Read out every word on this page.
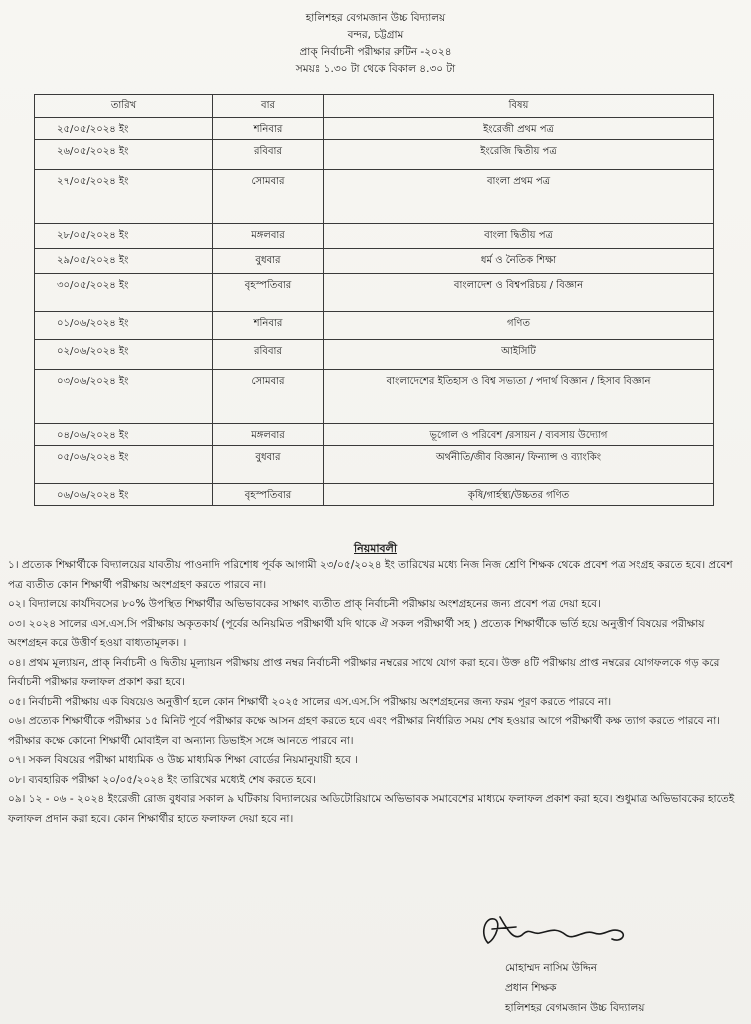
হালিশহর বেগমজান উচ্চ বিদ্যালয়
বন্দর, চট্টগ্রাম
প্রাক্‌ নির্বাচনী পরীক্ষার রুটিন -২০২৪
সময়ঃ ১.৩০ টা থেকে বিকাল ৪.৩০ টা
তারিখ	বার	বিষয়
২৫/০৫/২০২৪ ইং	শনিবার	ইংরেজী প্রথম পত্র
২৬/০৫/২০২৪ ইং	রবিবার	ইংরেজি দ্বিতীয় পত্র
২৭/০৫/২০২৪ ইং	সোমবার	বাংলা প্রথম পত্র
২৮/০৫/২০২৪ ইং	মঙ্গলবার	বাংলা দ্বিতীয় পত্র
২৯/০৫/২০২৪ ইং	বুধবার	ধর্ম ও নৈতিক শিক্ষা
৩০/০৫/২০২৪ ইং	বৃহস্পতিবার	বাংলাদেশ ও বিশ্বপরিচয় / বিজ্ঞান
০১/০৬/২০২৪ ইং	শনিবার	গণিত
০২/০৬/২০২৪ ইং	রবিবার	আইসিটি
০৩/০৬/২০২৪ ইং	সোমবার	বাংলাদেশের ইতিহাস ও বিশ্ব সভ্যতা / পদার্থ বিজ্ঞান / হিসাব বিজ্ঞান
০৪/০৬/২০২৪ ইং	মঙ্গলবার	ভূগোল ও পরিবেশ /রসায়ন / ব্যবসায় উদ্যোগ
০৫/০৬/২০২৪ ইং	বুধবার	অর্থনীতি/জীব বিজ্ঞান/ ফিন্যান্স ও ব্যাংকিং
০৬/০৬/২০২৪ ইং	বৃহস্পতিবার	কৃষি/গার্হস্থ্য/উচ্চতর গণিত
নিয়মাবলী

১। প্রত্যেক শিক্ষার্থীকে বিদ্যালয়ের যাবতীয় পাওনাদি পরিশোধ পূর্বক আগামী ২৩/০৫/২০২৪ ইং তারিখের মধ্যে নিজ নিজ শ্রেণি শিক্ষক থেকে প্রবেশ পত্র সংগ্রহ করতে হবে। প্রবেশ পত্র ব্যতীত কোন শিক্ষার্থী পরীক্ষায় অংশগ্রহণ করতে পারবে না।

০২। বিদ্যালয়ে কার্যদিবসের ৮০% উপস্থিত শিক্ষার্থীর অভিভাবকের সাক্ষাৎ ব্যতীত প্রাক্‌ নির্বাচনী পরীক্ষায় অংশগ্রহনের জন্য প্রবেশ পত্র দেয়া হবে।

০৩। ২০২৪ সালের এস.এস.সি পরীক্ষায় অকৃতকার্য (পূর্বের অনিয়মিত পরীক্ষার্থী যদি থাকে ঐ সকল পরীক্ষার্থী সহ ) প্রত্যেক শিক্ষার্থীকে ভর্তি হয়ে অনুত্তীর্ণ বিষয়ের পরীক্ষায় অংশগ্রহন করে উত্তীর্ণ হওয়া বাধ্যতামূলক। ।

০৪। প্রথম মূল্যায়ন, প্রাক্‌ নির্বাচনী ও দ্বিতীয় মূল্যায়ন পরীক্ষায় প্রাপ্ত নম্বর নির্বাচনী পরীক্ষার নম্বরের সাথে যোগ করা হবে। উক্ত ৪টি পরীক্ষায় প্রাপ্ত নম্বরের যোগফলকে গড় করে নির্বাচনী পরীক্ষার ফলাফল প্রকাশ করা হবে।

০৫। নির্বাচনী পরীক্ষায় এক বিষয়েও অনুত্তীর্ণ হলে কোন শিক্ষার্থী ২০২৫ সালের এস.এস.সি পরীক্ষায় অংশগ্রহনের জন্য ফরম পূরণ করতে পারবে না।

০৬। প্রত্যেক শিক্ষার্থীকে পরীক্ষার ১৫ মিনিট পূর্বে পরীক্ষার কক্ষে আসন গ্রহণ করতে হবে এবং পরীক্ষার নির্ধারিত সময় শেষ হওয়ার আগে পরীক্ষার্থী কক্ষ ত্যাগ করতে পারবে না। পরীক্ষার কক্ষে কোনো শিক্ষার্থী মোবাইল বা অন্যান্য ডিভাইস সঙ্গে আনতে পারবে না।

০৭। সকল বিষয়ের পরীক্ষা মাধ্যমিক ও উচ্চ মাধ্যমিক শিক্ষা বোর্ডের নিয়মানুযায়ী হবে ।

০৮। ব্যবহারিক পরীক্ষা ২০/০৫/২০২৪ ইং তারিখের মধ্যেই শেষ করতে হবে।

০৯। ১২ - ০৬ - ২০২৪ ইংরেজী রোজ বুধবার সকাল ৯ ঘটিকায় বিদ্যালয়ের অডিটোরিয়ামে অভিভাবক সমাবেশের মাধ্যমে ফলাফল প্রকাশ করা হবে। শুধুমাত্র অভিভাবকের হাতেই ফলাফল প্রদান করা হবে। কোন শিক্ষার্থীর হাতে ফলাফল দেয়া হবে না।

মোহাম্মদ নাসিম উদ্দিন
প্রধান শিক্ষক
হালিশহর বেগমজান উচ্চ বিদ্যালয়
